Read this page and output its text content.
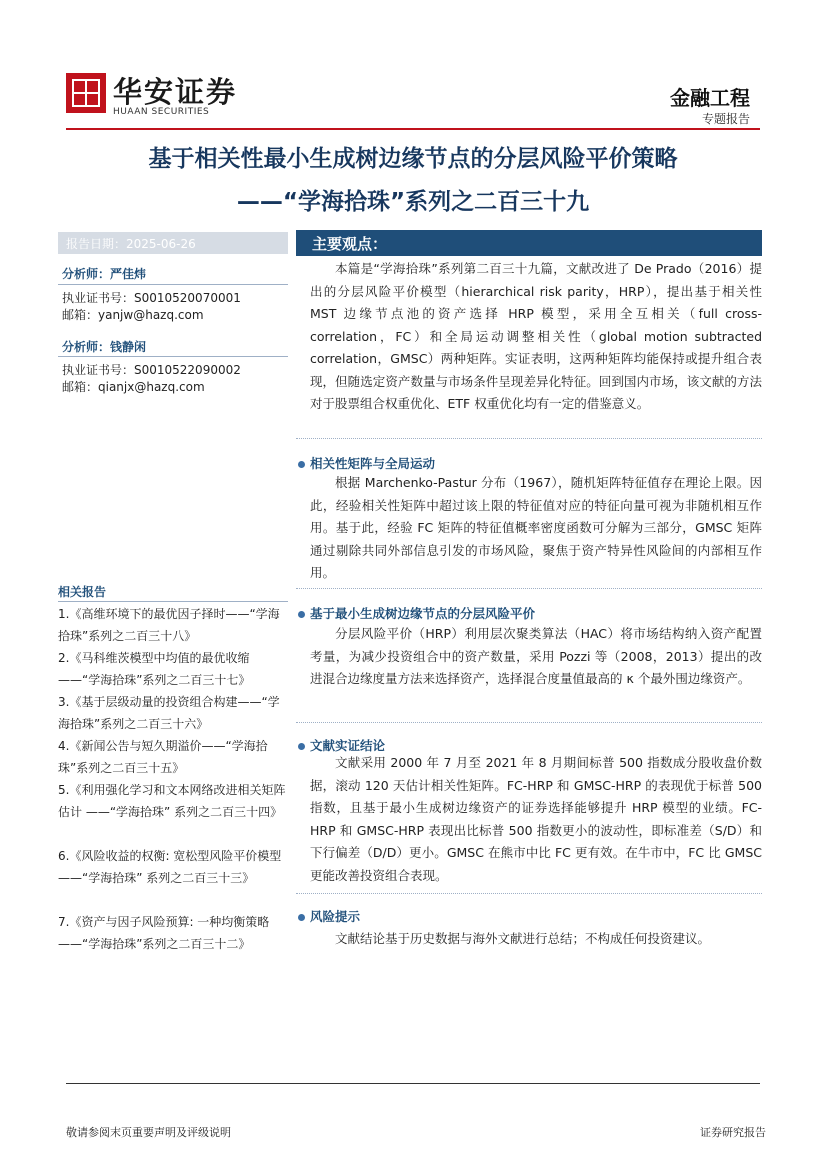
华安证券
HUAAN SECURITIES
金融工程
专题报告
基于相关性最小生成树边缘节点的分层风险平价策略
——“学海拾珠”系列之二百三十九
报告日期：2025-06-26
分析师：严佳炜
执业证书号：S0010520070001
邮箱：yanjw@hazq.com
分析师：钱静闲
执业证书号：S0010522090002
邮箱：qianjx@hazq.com
相关报告
1.《高维环境下的最优因子择时——“学海拾珠”系列之二百三十八》
2.《马科维茨模型中均值的最优收缩——“学海拾珠”系列之二百三十七》
3.《基于层级动量的投资组合构建——“学海拾珠”系列之二百三十六》
4.《新闻公告与短久期溢价——“学海拾珠”系列之二百三十五》
5.《利用强化学习和文本网络改进相关矩阵估计 ——“学海拾珠” 系列之二百三十四》
6.《风险收益的权衡: 宽松型风险平价模型 ——“学海拾珠” 系列之二百三十三》
7.《资产与因子风险预算: 一种均衡策略——“学海拾珠”系列之二百三十二》
主要观点：
本篇是“学海拾珠”系列第二百三十九篇，文献改进了 De Prado（2016）提出的分层风险平价模型（hierarchical risk parity，HRP），提出基于相关性 MST 边缘节点池的资产选择 HRP 模型，采用全互相关（full cross-correlation，FC）和全局运动调整相关性（global motion subtracted correlation，GMSC）两种矩阵。实证表明，这两种矩阵均能保持或提升组合表现，但随选定资产数量与市场条件呈现差异化特征。回到国内市场，该文献的方法对于股票组合权重优化、ETF 权重优化均有一定的借鉴意义。
相关性矩阵与全局运动
根据 Marchenko-Pastur 分布（1967），随机矩阵特征值存在理论上限。因此，经验相关性矩阵中超过该上限的特征值对应的特征向量可视为非随机相互作用。基于此，经验 FC 矩阵的特征值概率密度函数可分解为三部分，GMSC 矩阵通过剔除共同外部信息引发的市场风险，聚焦于资产特异性风险间的内部相互作用。
基于最小生成树边缘节点的分层风险平价
分层风险平价（HRP）利用层次聚类算法（HAC）将市场结构纳入资产配置考量，为减少投资组合中的资产数量，采用 Pozzi 等（2008，2013）提出的改进混合边缘度量方法来选择资产，选择混合度量值最高的 κ 个最外围边缘资产。
文献实证结论
文献采用 2000 年 7 月至 2021 年 8 月期间标普 500 指数成分股收盘价数据，滚动 120 天估计相关性矩阵。FC-HRP 和 GMSC-HRP 的表现优于标普 500 指数，且基于最小生成树边缘资产的证券选择能够提升 HRP 模型的业绩。FC-HRP 和 GMSC-HRP 表现出比标普 500 指数更小的波动性，即标准差（S/D）和下行偏差（D/D）更小。GMSC 在熊市中比 FC 更有效。在牛市中，FC 比 GMSC 更能改善投资组合表现。
风险提示
文献结论基于历史数据与海外文献进行总结；不构成任何投资建议。
敬请参阅末页重要声明及评级说明	证券研究报告
